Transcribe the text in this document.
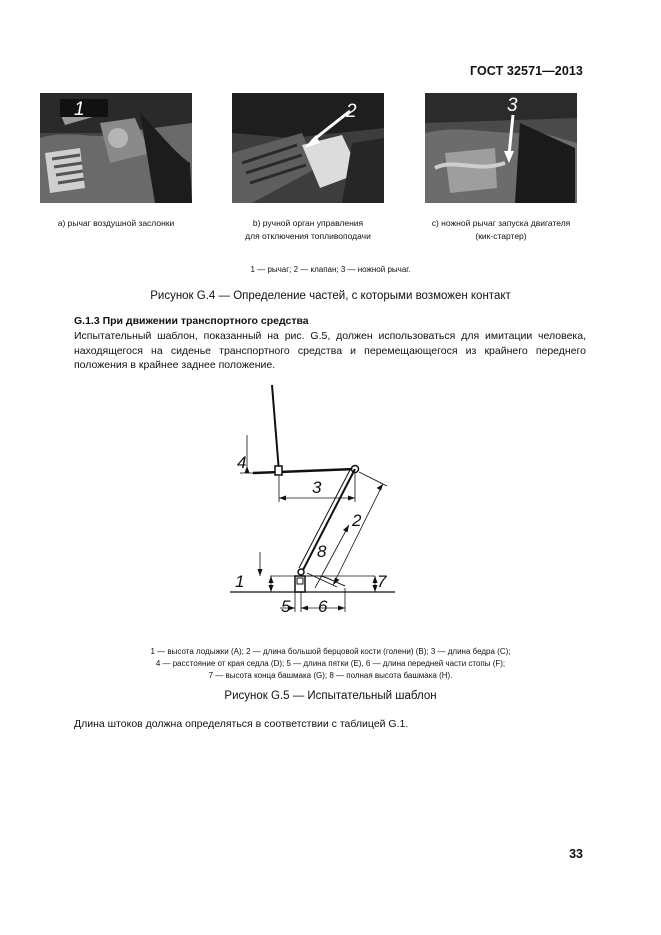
ГОСТ 32571—2013
1	2	3
а) рычаг воздушной заслонки	b) ручной орган управления
для отключения топливоподачи
c) ножной рычаг запуска двигателя
(кик-стартер)
1 — рычаг; 2 — клапан; 3 — ножной рычаг.
Рисунок G.4 — Определение частей, с которыми возможен контакт
G.1.3 При движении транспортного средства
Испытательный шаблон, показанный на рис. G.5, должен использоваться для имитации человека, находящегося на сиденье транспортного средства и перемещающегося из крайнего переднего положения в крайнее заднее положение.
4
3
2
8
1	7
5 6
1 — высота лодыжки (A); 2 — длина большой берцовой кости (голени) (B); 3 — длина бедра (C);
4 — расстояние от края седла (D); 5 — длина пятки (E), 6 — длина передней части стопы (F);
7 — высота конца башмака (G); 8 — полная высота башмака (H).
Рисунок G.5 — Испытательный шаблон
Длина штоков должна определяться в соответствии с таблицей G.1.
33
